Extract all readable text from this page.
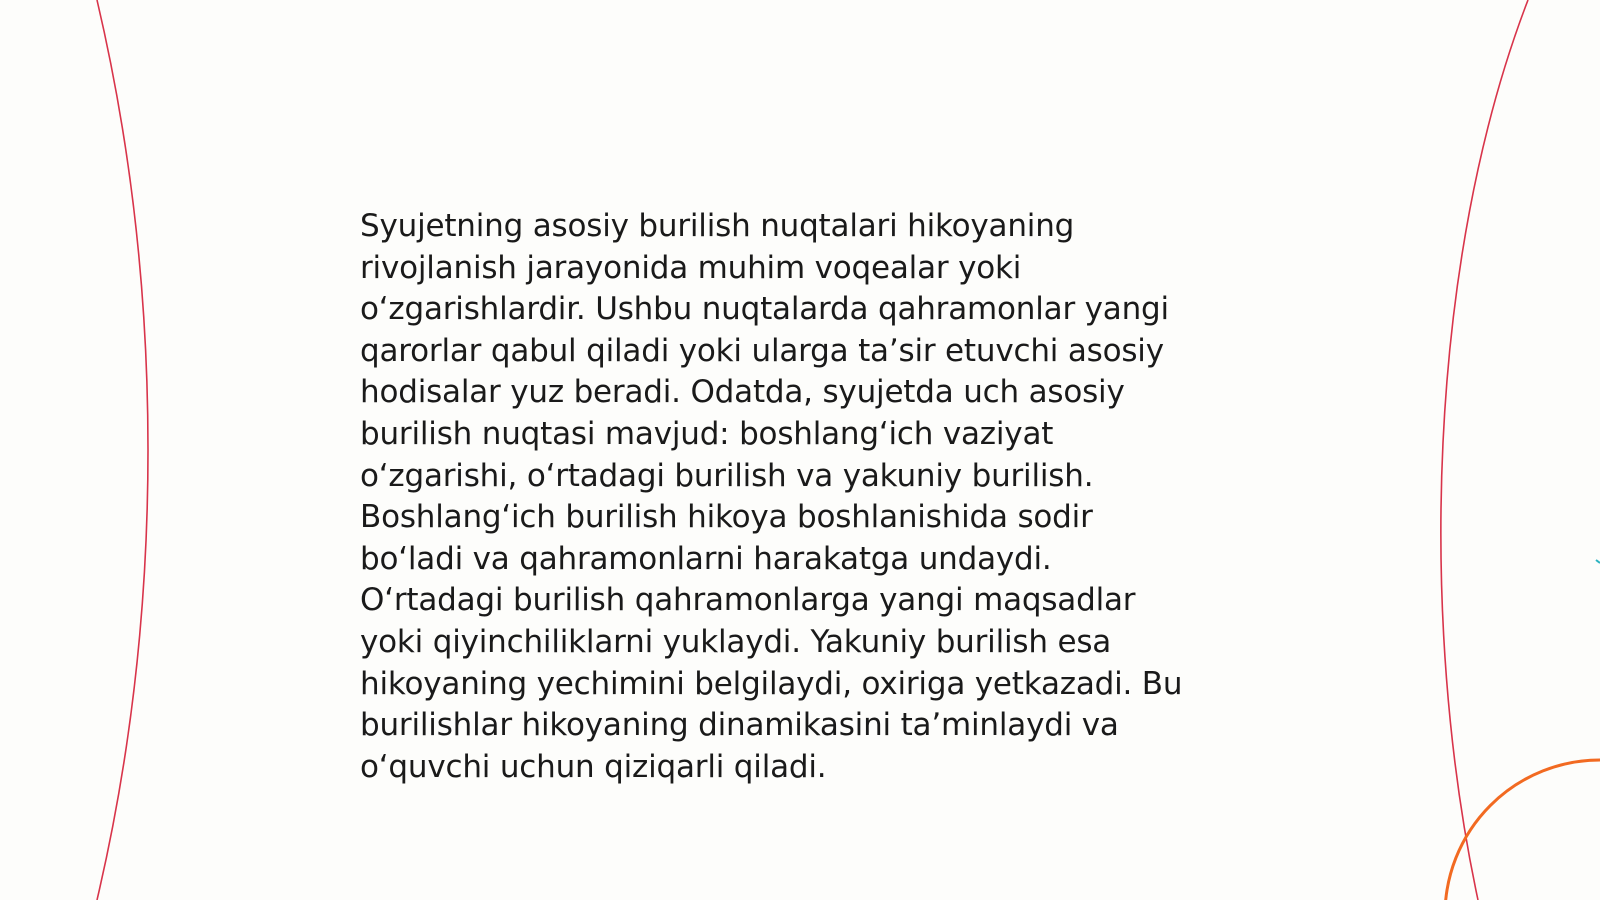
Syujetning asosiy burilish nuqtalari hikoyaning
rivojlanish jarayonida muhim voqealar yoki
o‘zgarishlardir. Ushbu nuqtalarda qahramonlar yangi
qarorlar qabul qiladi yoki ularga ta’sir etuvchi asosiy
hodisalar yuz beradi. Odatda, syujetda uch asosiy
burilish nuqtasi mavjud: boshlang‘ich vaziyat
o‘zgarishi, o‘rtadagi burilish va yakuniy burilish.
Boshlang‘ich burilish hikoya boshlanishida sodir
bo‘ladi va qahramonlarni harakatga undaydi.
O‘rtadagi burilish qahramonlarga yangi maqsadlar
yoki qiyinchiliklarni yuklaydi. Yakuniy burilish esa
hikoyaning yechimini belgilaydi, oxiriga yetkazadi. Bu
burilishlar hikoyaning dinamikasini ta’minlaydi va
o‘quvchi uchun qiziqarli qiladi.
